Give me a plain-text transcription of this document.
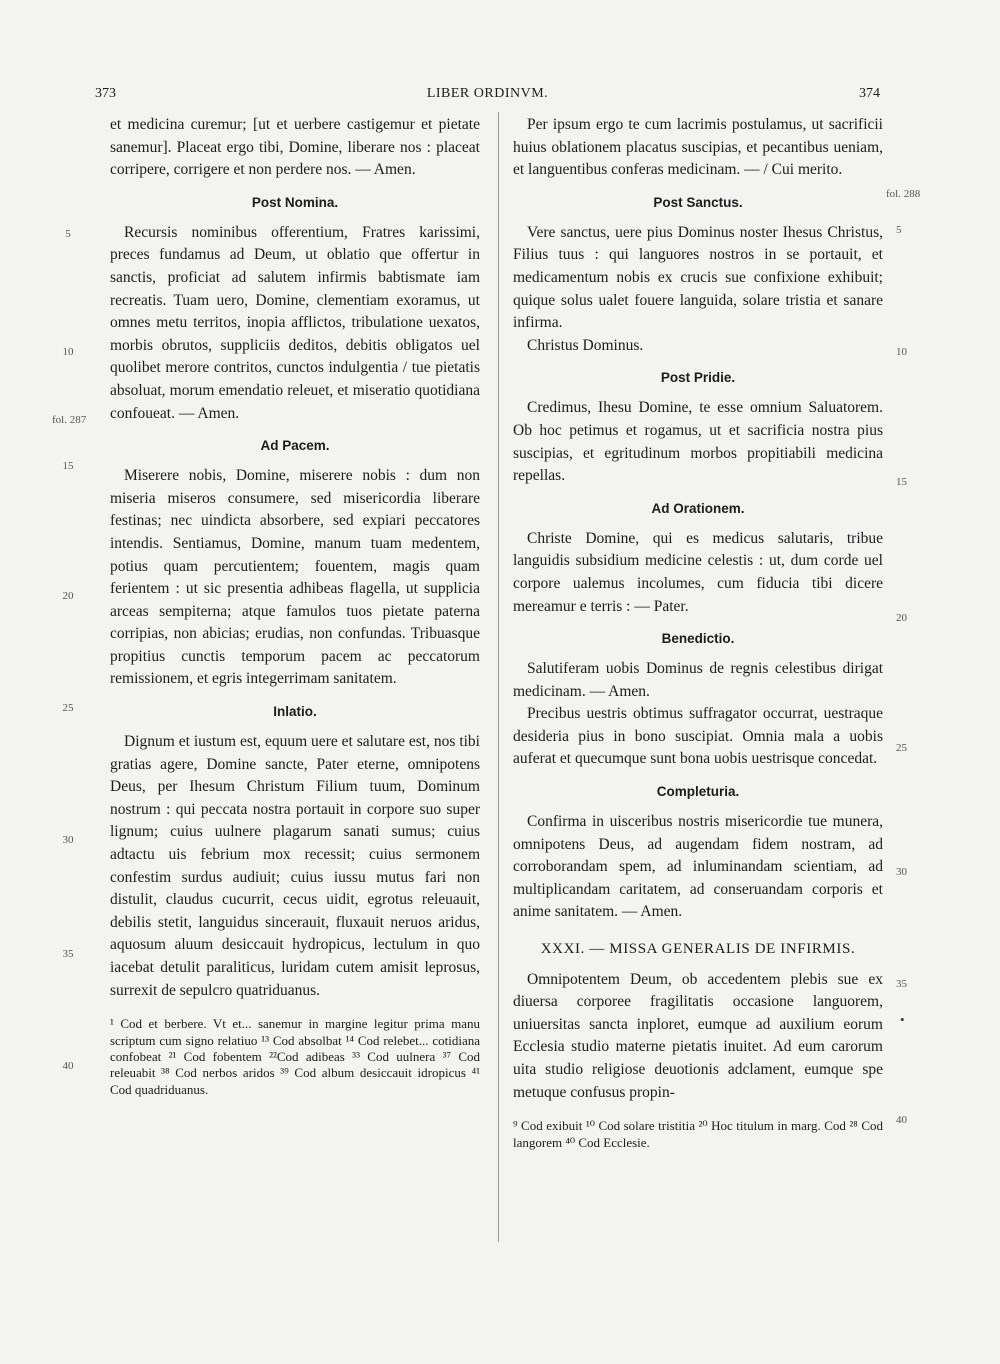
373	LIBER ORDINVM.	374

et medicina curemur; [ut et uerbere castigemur et pietate sanemur]. Placeat ergo tibi, Domine, liberare nos : placeat corripere, corrigere et non perdere nos. — Amen.

Post Nomina.

Recursis nominibus offerentium, Fratres karissimi, preces fundamus ad Deum, ut oblatio que offertur in sanctis, proficiat ad salutem infirmis babtismate iam recreatis. Tuam uero, Domine, clementiam exoramus, ut omnes metu territos, inopia afflictos, tribulatione uexatos, morbis obrutos, suppliciis deditos, debitis obligatos uel quolibet merore contritos, cunctos indulgentia / tue pietatis absoluat, morum emendatio releuet, et miseratio quotidiana confoueat. — Amen.

Ad Pacem.

Miserere nobis, Domine, miserere nobis : dum non miseria miseros consumere, sed misericordia liberare festinas; nec uindicta absorbere, sed expiari peccatores intendis. Sentiamus, Domine, manum tuam medentem, potius quam percutientem; fouentem, magis quam ferientem : ut sic presentia adhibeas flagella, ut supplicia arceas sempiterna; atque famulos tuos pietate paterna corripias, non abicias; erudias, non confundas. Tribuasque propitius cunctis temporum pacem ac peccatorum remissionem, et egris integerrimam sanitatem.

Inlatio.

Dignum et iustum est, equum uere et salutare est, nos tibi gratias agere, Domine sancte, Pater eterne, omnipotens Deus, per Ihesum Christum Filium tuum, Dominum nostrum : qui peccata nostra portauit in corpore suo super lignum; cuius uulnere plagarum sanati sumus; cuius adtactu uis febrium mox recessit; cuius sermonem confestim surdus audiuit; cuius iussu mutus fari non distulit, claudus cucurrit, cecus uidit, egrotus releuauit, debilis stetit, languidus sincerauit, fluxauit neruos aridus, aquosum aluum desiccauit hydropicus, lectulum in quo iacebat detulit paraliticus, luridam cutem amisit leprosus, surrexit de sepulcro quatriduanus.

¹ Cod et berbere. Vt et... sanemur in margine legitur prima manu scriptum cum signo relatiuo ¹³ Cod absolbat ¹⁴ Cod relebet... cotidiana confobeat ²¹ Cod fobentem ²²Cod adibeas ³³ Cod uulnera ³⁷ Cod releuabit ³⁸ Cod nerbos aridos ³⁹ Cod album desiccauit idropicus ⁴¹ Cod quadriduanus.

Per ipsum ergo te cum lacrimis postulamus, ut sacrificii huius oblationem placatus suscipias, et pecantibus ueniam, et languentibus conferas medicinam. — / Cui merito.

Post Sanctus.

Vere sanctus, uere pius Dominus noster Ihesus Christus, Filius tuus : qui languores nostros in se portauit, et medicamentum nobis ex crucis sue confixione exhibuit; quique solus ualet fouere languida, solare tristia et sanare infirma.

Christus Dominus.

Post Pridie.

Credimus, Ihesu Domine, te esse omnium Saluatorem. Ob hoc petimus et rogamus, ut et sacrificia nostra pius suscipias, et egritudinum morbos propitiabili medicina repellas.

Ad Orationem.

Christe Domine, qui es medicus salutaris, tribue languidis subsidium medicine celestis : ut, dum corde uel corpore ualemus incolumes, cum fiducia tibi dicere mereamur e terris : — Pater.

Benedictio.

Salutiferam uobis Dominus de regnis celestibus dirigat medicinam. — Amen.

Precibus uestris obtimus suffragator occurrat, uestraque desideria pius in bono suscipiat. Omnia mala a uobis auferat et quecumque sunt bona uobis uestrisque concedat.

Completuria.

Confirma in uisceribus nostris misericordie tue munera, omnipotens Deus, ad augendam fidem nostram, ad corroborandam spem, ad inluminandam scientiam, ad multiplicandam caritatem, ad conseruandam corporis et anime sanitatem. — Amen.

XXXI. — MISSA GENERALIS DE INFIRMIS.

Omnipotentem Deum, ob accedentem plebis sue ex diuersa corporee fragilitatis occasione languorem, uniuersitas sancta inploret, eumque ad auxilium eorum Ecclesia studio materne pietatis inuitet. Ad eum carorum uita studio religiose deuotionis adclament, eumque spe metuque confusus propin-

⁹ Cod exibuit ¹⁰ Cod solare tristitia ²⁰ Hoc titulum in marg. Cod ²⁸ Cod langorem ⁴⁰ Cod Ecclesie.
5
10
fol. 287
15
20
25
30
35
40
fol. 288
5
10
15
20
25
30
35
40
•
